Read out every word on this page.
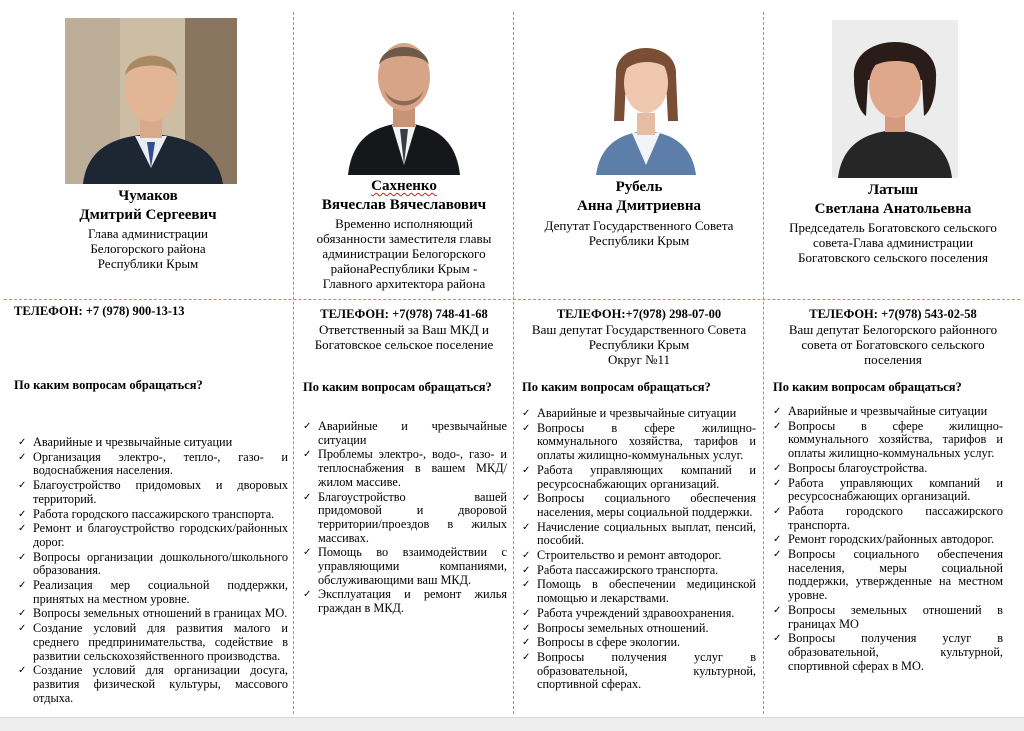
Чумаков
Дмитрий Сергеевич
Глава администрации
Белогорского района
Республики Крым
ТЕЛЕФОН: +7 (978) 900-13-13
По каким вопросам обращаться?
✓ Аварийные и чрезвычайные ситуации
✓ Организация электро-, тепло-, газо- и водоснабжения населения.
✓ Благоустройство придомовых и дворовых территорий.
✓ Работа городского пассажирского транспорта.
✓ Ремонт и благоустройство городских/районных дорог.
✓ Вопросы организации дошкольного/школьного образования.
✓ Реализация мер социальной поддержки, принятых на местном уровне.
✓ Вопросы земельных отношений в границах МО.
✓ Создание условий для развития малого и среднего предпринимательства, содействие в развитии сельскохозяйственного производства.
✓ Создание условий для организации досуга, развития физической культуры, массового отдыха.
Сахненко
Вячеслав Вячеславович
Временно исполняющий
обязанности заместителя главы
администрации Белогорского
районаРеспублики Крым -
Главного архитектора района
ТЕЛЕФОН: +7(978) 748-41-68
Ответственный за Ваш МКД и
Богатовское сельское поселение
По каким вопросам обращаться?
✓ Аварийные и чрезвычайные ситуации
✓ Проблемы электро-, водо-, газо- и теплоснабжения в вашем МКД/жилом массиве.
✓ Благоустройство вашей придомовой и дворовой территории/проездов в жилых массивах.
✓ Помощь во взаимодействии с управляющими компаниями, обслуживающими ваш МКД.
✓ Эксплуатация и ремонт жилья граждан в МКД.
Рубель
Анна Дмитриевна
Депутат Государственного Совета
Республики Крым
ТЕЛЕФОН:+7(978) 298-07-00
Ваш депутат Государственного Совета
Республики Крым
Округ №11
По каким вопросам обращаться?
✓ Аварийные и чрезвычайные ситуации
✓ Вопросы в сфере жилищно-коммунального хозяйства, тарифов и оплаты жилищно-коммунальных услуг.
✓ Работа управляющих компаний и ресурсоснабжающих организаций.
✓ Вопросы социального обеспечения населения, меры социальной поддержки.
✓ Начисление социальных выплат, пенсий, пособий.
✓ Строительство и ремонт автодорог.
✓ Работа пассажирского транспорта.
✓ Помощь в обеспечении медицинской помощью и лекарствами.
✓ Работа учреждений здравоохранения.
✓ Вопросы земельных отношений.
✓ Вопросы в сфере экологии.
✓ Вопросы получения услуг в образовательной, культурной, спортивной сферах.
Латыш
Светлана Анатольевна
Председатель Богатовского сельского
совета-Глава администрации
Богатовского сельского поселения
ТЕЛЕФОН: +7(978) 543-02-58
Ваш депутат Белогорского районного
совета от Богатовского сельского
поселения
По каким вопросам обращаться?
✓ Аварийные и чрезвычайные ситуации
✓ Вопросы в сфере жилищно-коммунального хозяйства, тарифов и оплаты жилищно-коммунальных услуг.
✓ Вопросы благоустройства.
✓ Работа управляющих компаний и ресурсоснабжающих организаций.
✓ Работа городского пассажирского транспорта.
✓ Ремонт городских/районных автодорог.
✓ Вопросы социального обеспечения населения, меры социальной поддержки, утвержденные на местном уровне.
✓ Вопросы земельных отношений в границах МО
✓ Вопросы получения услуг в образовательной, культурной, спортивной сферах в МО.
